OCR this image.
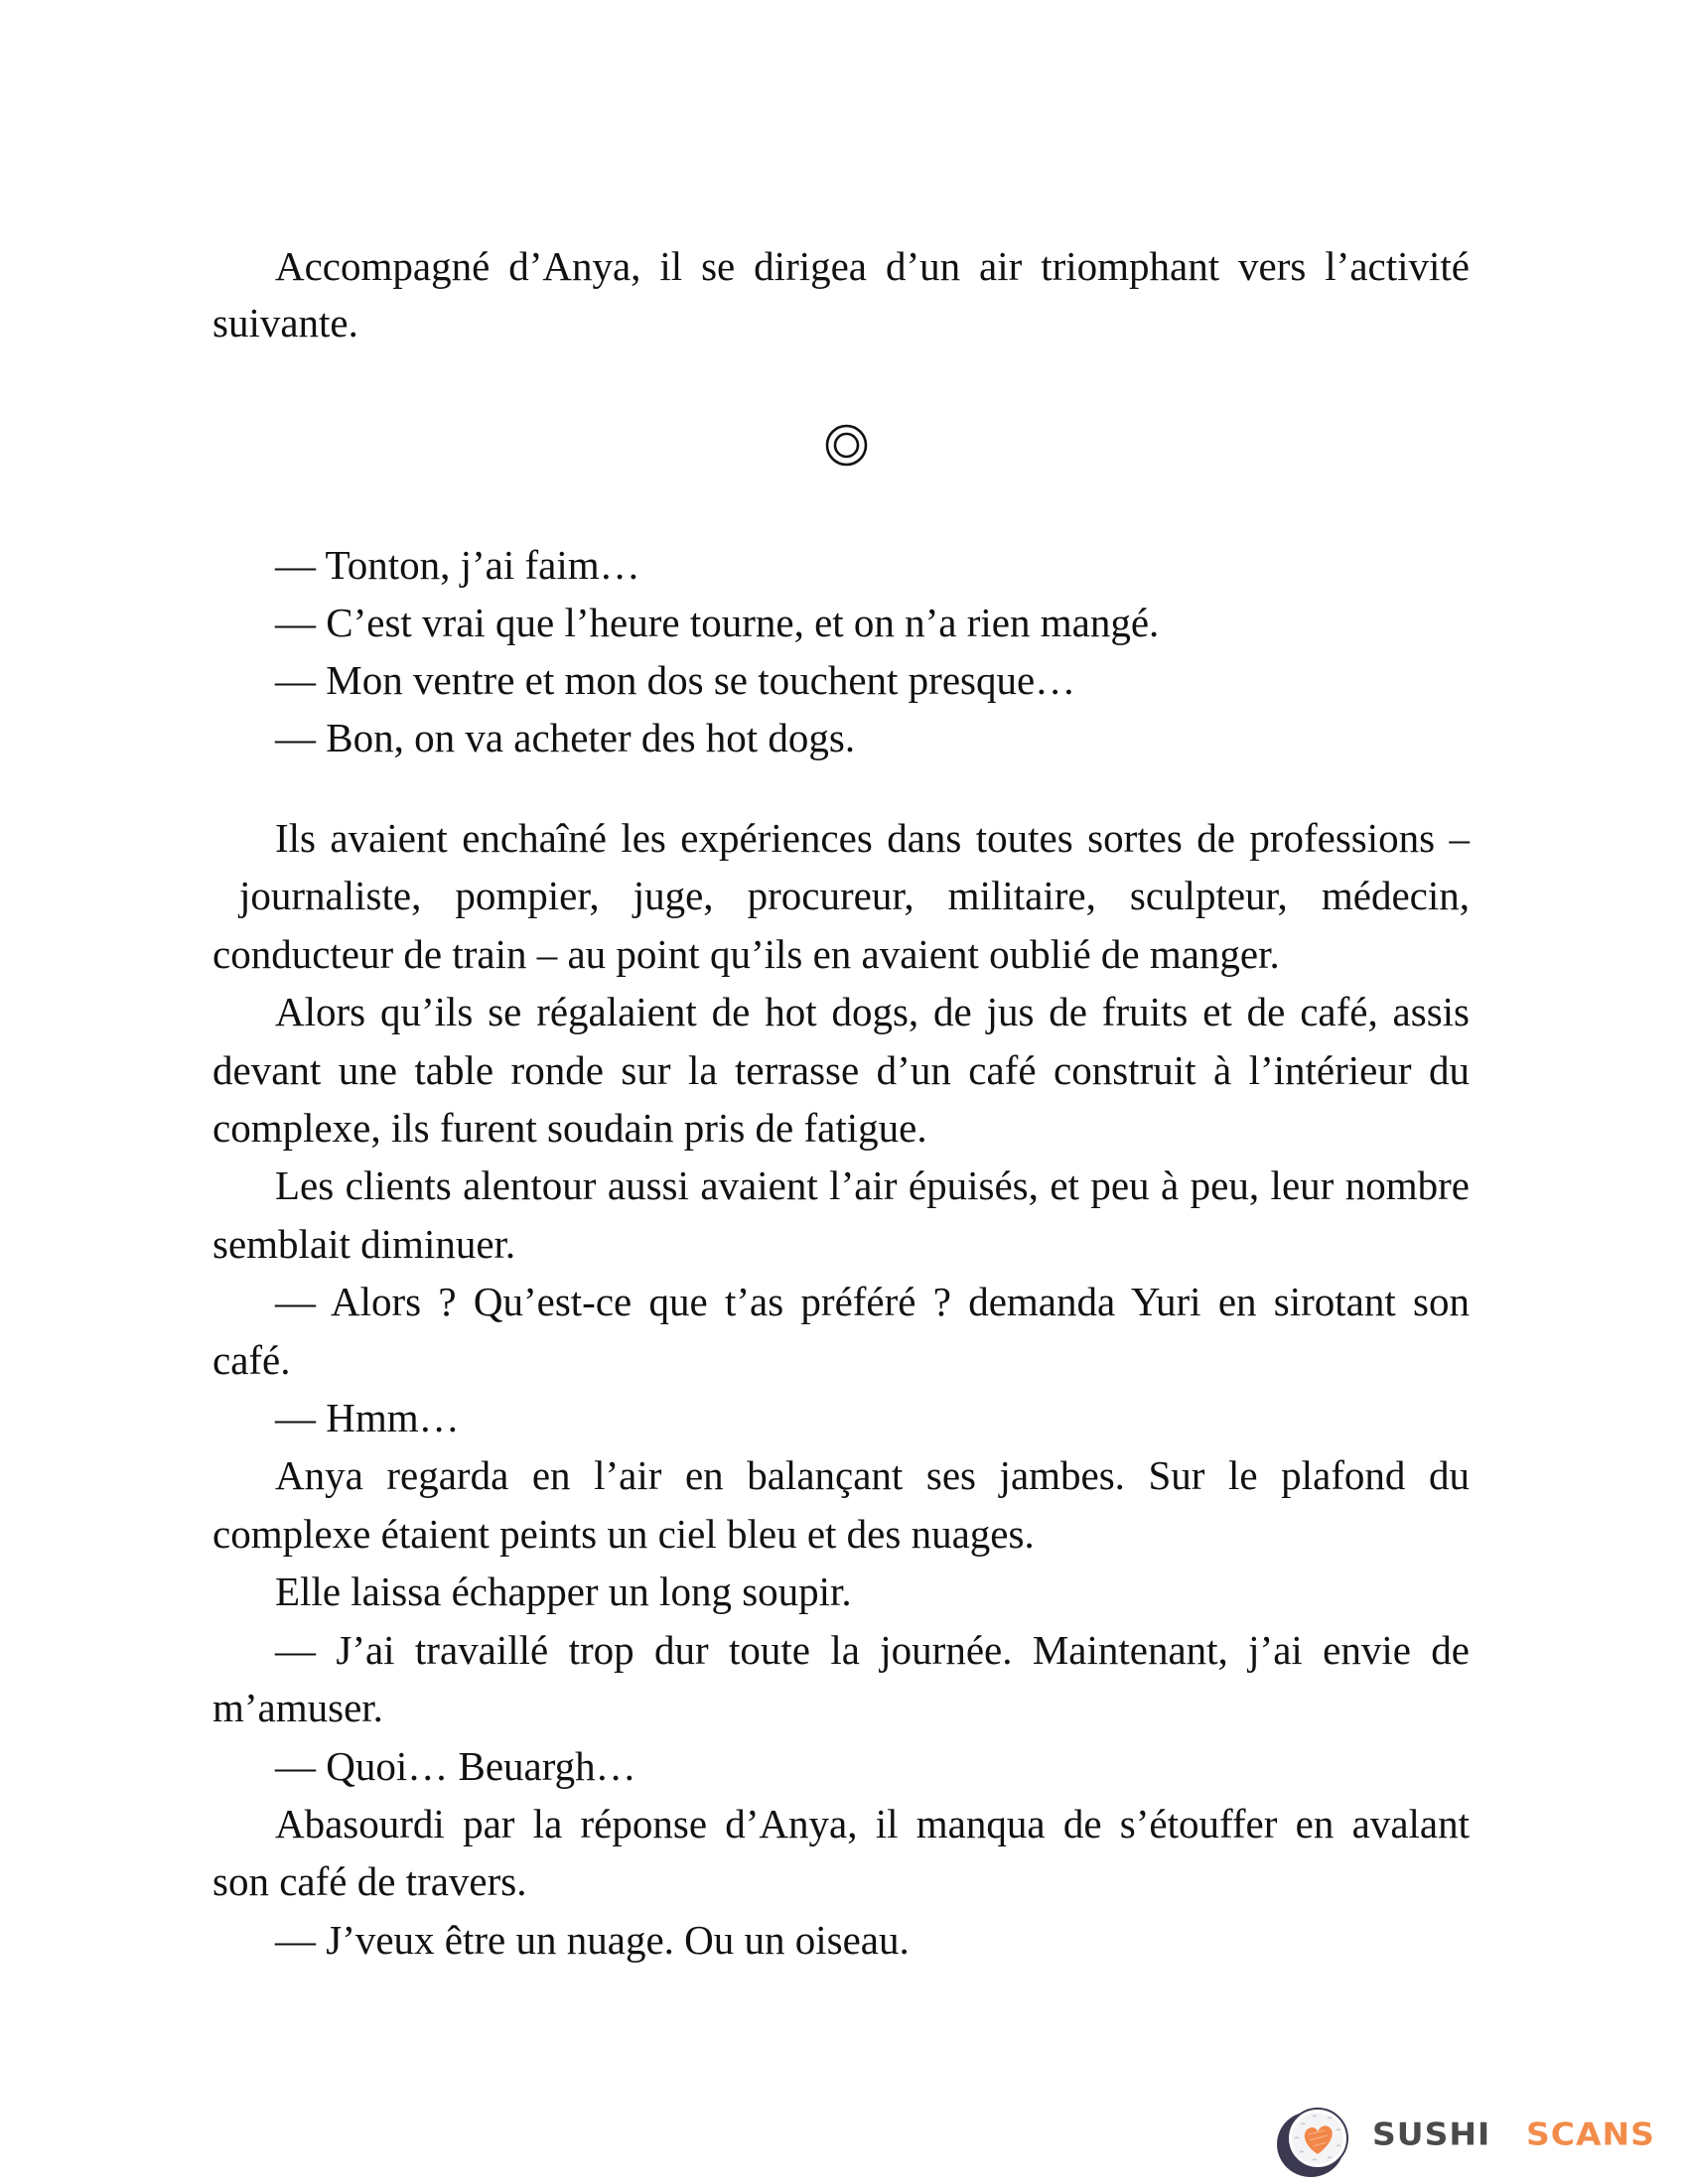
Accompagné d’Anya, il se dirigea d’un air triomphant vers l’activité
suivante.
— Tonton, j’ai faim…
— C’est vrai que l’heure tourne, et on n’a rien mangé.
— Mon ventre et mon dos se touchent presque…
— Bon, on va acheter des hot dogs.
Ils avaient enchaîné les expériences dans toutes sortes de professions –
journaliste, pompier, juge, procureur, militaire, sculpteur, médecin,
conducteur de train – au point qu’ils en avaient oublié de manger.
Alors qu’ils se régalaient de hot dogs, de jus de fruits et de café, assis
devant une table ronde sur la terrasse d’un café construit à l’intérieur du
complexe, ils furent soudain pris de fatigue.
Les clients alentour aussi avaient l’air épuisés, et peu à peu, leur nombre
semblait diminuer.
— Alors ? Qu’est-ce que t’as préféré ? demanda Yuri en sirotant son
café.
— Hmm…
Anya regarda en l’air en balançant ses jambes. Sur le plafond du
complexe étaient peints un ciel bleu et des nuages.
Elle laissa échapper un long soupir.
— J’ai travaillé trop dur toute la journée. Maintenant, j’ai envie de
m’amuser.
— Quoi… Beuargh…
Abasourdi par la réponse d’Anya, il manqua de s’étouffer en avalant
son café de travers.
— J’veux être un nuage. Ou un oiseau.
SUSHI SCANS
